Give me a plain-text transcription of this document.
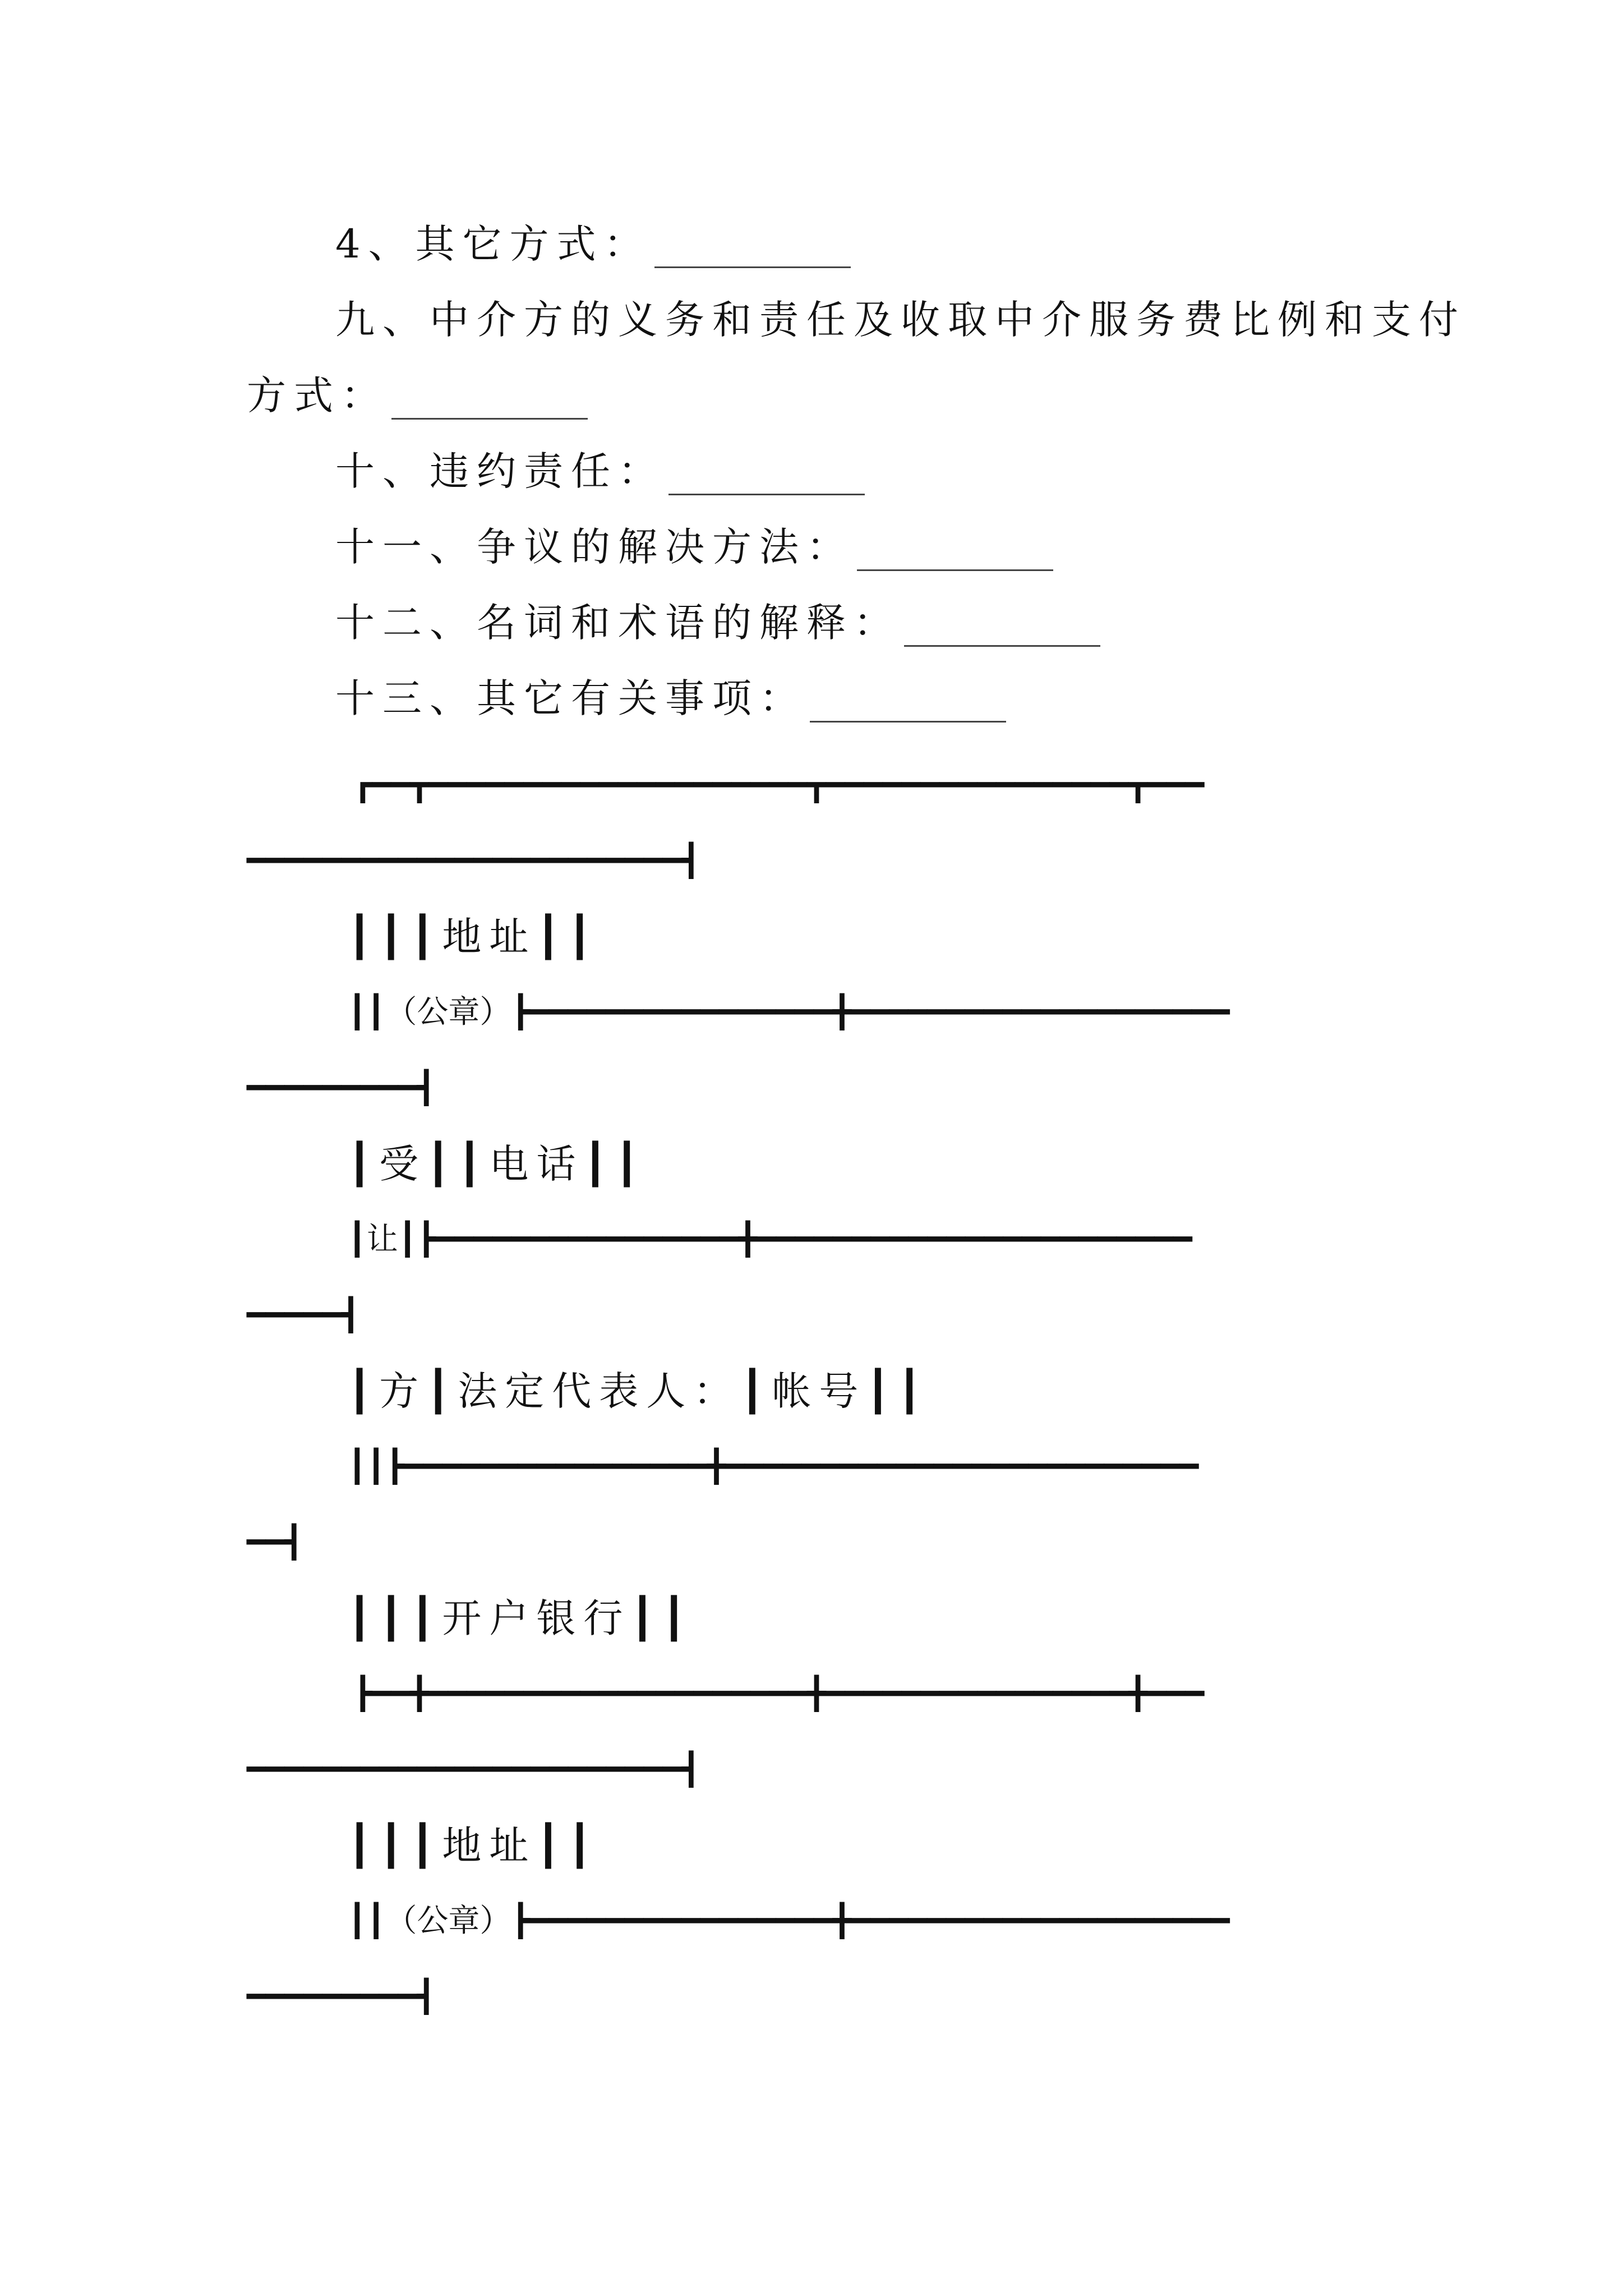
4、其它方式：
九、中介方的义务和责任及收取中介服务费比例和支付
方式：
十、违约责任：
十一、争议的解决方法：
十二、名词和术语的解释：
十三、其它有关事项：
┏━━┳━━━━━━━━━━━━━━━━━━━━┳━━━━━━━━━━━━━━━━┳━━━
━━━━━━━━━━━━━━━━━━━━━━━┫
┃┃┃地址┃┃
┃┃（公章）┣━━━━━━━━━━━━━━━━╋━━━━━━━━━━━━━━━━━━━━
━━━━━━━━━┫
┃受┃┃电话┃┃
┃让┃┣━━━━━━━━━━━━━━━━╋━━━━━━━━━━━━━━━━━━━━━━━
━━━━━┫
┃方┃法定代表人：┃帐号┃┃
┃┃┣━━━━━━━━━━━━━━━━╋━━━━━━━━━━━━━━━━━━━━━━━━━
━━┫
┃┃┃开户银行┃┃
┣━━╋━━━━━━━━━━━━━━━━━━━━╋━━━━━━━━━━━━━━━━╋━━━
━━━━━━━━━━━━━━━━━━━━━━━┫
┃┃┃地址┃┃
┃┃（公章）┣━━━━━━━━━━━━━━━━╋━━━━━━━━━━━━━━━━━━━━
━━━━━━━━━┫
